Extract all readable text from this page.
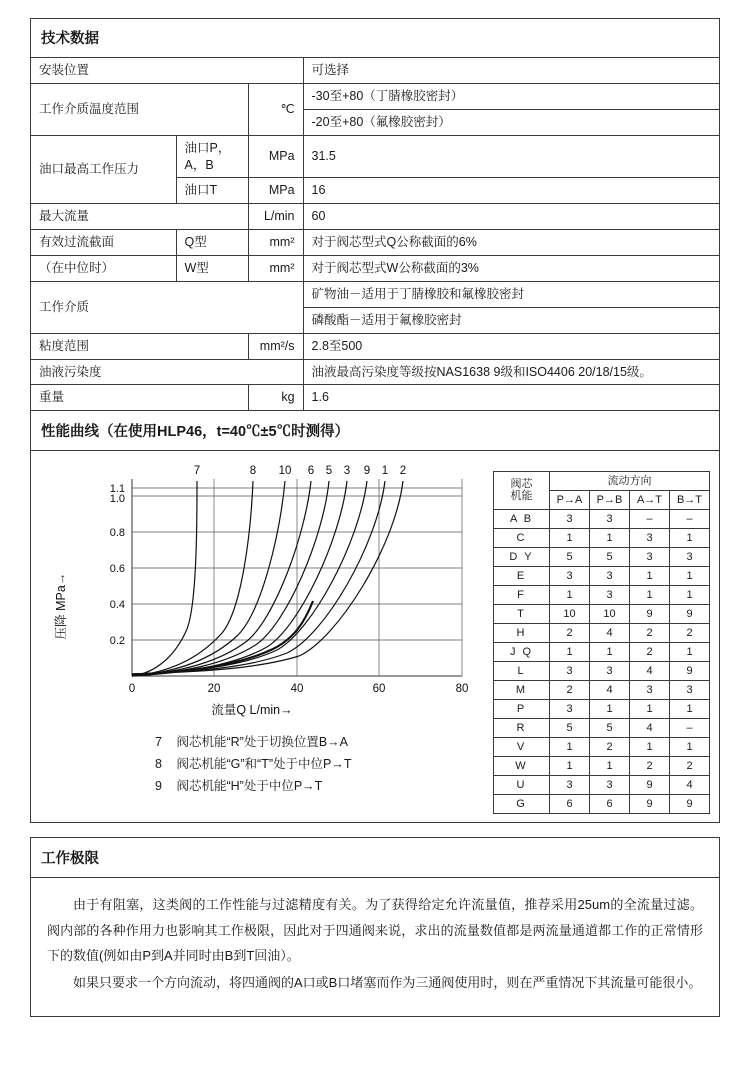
技术数据
安装位置			可选择
工作介质温度范围		℃	-30至+80（丁腈橡胶密封）
			-20至+80（氟橡胶密封）
油口最高工作压力	油口P，A，B	MPa	31.5
	油口T	MPa	16
最大流量		L/min	60
有效过流截面	Q型	mm²	对于阀芯型式Q公称截面的6%
（在中位时）	W型	mm²	对于阀芯型式W公称截面的3%
工作介质			矿物油－适用于丁腈橡胶和氟橡胶密封
			磷酸酯－适用于氟橡胶密封
粘度范围		mm²/s	2.8至500
油液污染度			油液最高污染度等级按NAS1638 9级和ISO4406 20/18/15级。
重量		kg	1.6
性能曲线（在使用HLP46，t=40℃±5℃时测得）
1.1
1.0
0.8
0.6
0.4
0.2
0	20	40	60	80
压降 MPa→
流量Q L/min→
7	8 10 6 5 3 9 1 2
7 阀芯机能“R”处于切换位置B→A
8 阀芯机能“G”和“T”处于中位P→T
9 阀芯机能“H”处于中位P→T
阀芯
机能	流动方向			
	P→A	P→B	A→T	B→T
A B	3	3	–	–
C	1	1	3	1
D Y	5	5	3	3
E	3	3	1	1
F	1	3	1	1
T	10	10	9	9
H	2	4	2	2
J Q	1	1	2	1
L	3	3	4	9
M	2	4	3	3
P	3	1	1	1
R	5	5	4	–
V	1	2	1	1
W	1	1	2	2
U	3	3	9	4
G	6	6	9	9
工作极限

由于有阻塞，这类阀的工作性能与过滤精度有关。为了获得给定允许流量值，推荐采用25um的全流量过滤。阀内部的各种作用力也影响其工作极限，因此对于四通阀来说，求出的流量数值都是两流量通道都工作的正常情形下的数值(例如由P到A并同时由B到T回油）。

如果只要求一个方向流动，将四通阀的A口或B口堵塞而作为三通阀使用时，则在严重情况下其流量可能很小。
